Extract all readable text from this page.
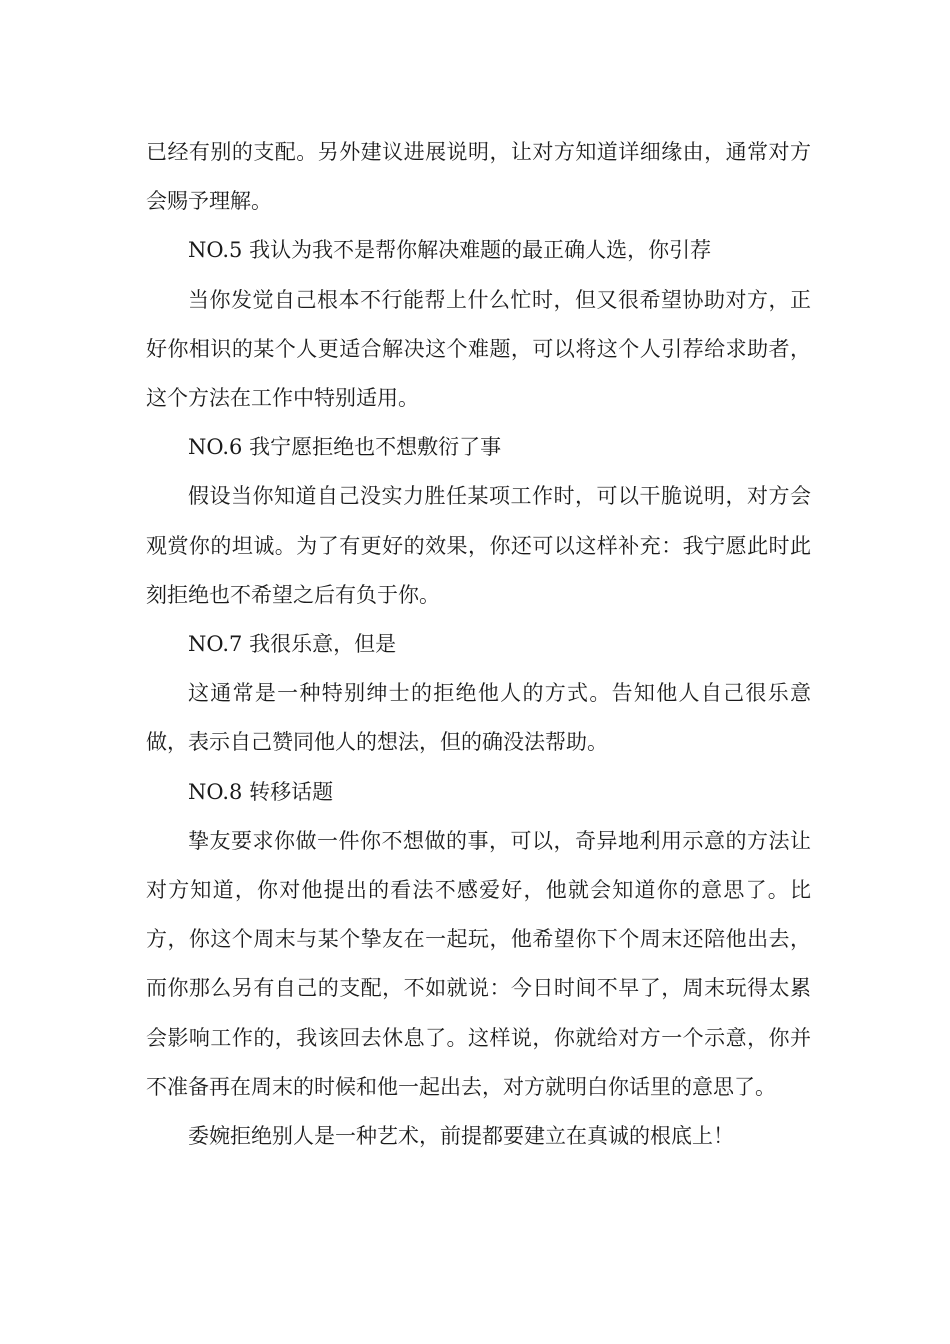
已经有别的支配。另外建议进展说明，让对方知道详细缘由，通常对方会赐予理解。

NO.5 我认为我不是帮你解决难题的最正确人选，你引荐

当你发觉自己根本不行能帮上什么忙时，但又很希望协助对方，正好你相识的某个人更适合解决这个难题，可以将这个人引荐给求助者，这个方法在工作中特别适用。

NO.6 我宁愿拒绝也不想敷衍了事

假设当你知道自己没实力胜任某项工作时，可以干脆说明，对方会观赏你的坦诚。为了有更好的效果，你还可以这样补充：我宁愿此时此刻拒绝也不希望之后有负于你。

NO.7 我很乐意，但是

这通常是一种特别绅士的拒绝他人的方式。告知他人自己很乐意做，表示自己赞同他人的想法，但的确没法帮助。

NO.8 转移话题

挚友要求你做一件你不想做的事，可以，奇异地利用示意的方法让对方知道，你对他提出的看法不感爱好，他就会知道你的意思了。比方，你这个周末与某个挚友在一起玩，他希望你下个周末还陪他出去，而你那么另有自己的支配，不如就说：今日时间不早了，周末玩得太累会影响工作的，我该回去休息了。这样说，你就给对方一个示意，你并不准备再在周末的时候和他一起出去，对方就明白你话里的意思了。

委婉拒绝别人是一种艺术，前提都要建立在真诚的根底上！
